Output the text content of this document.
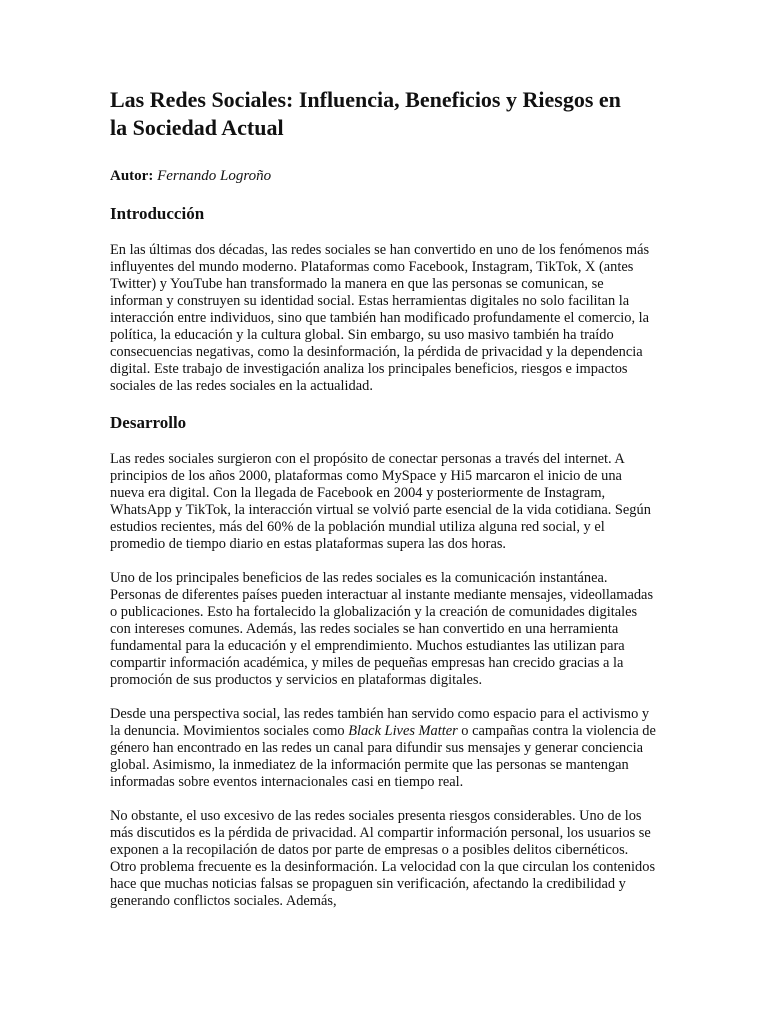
Las Redes Sociales: Influencia, Beneficios y Riesgos en
la Sociedad Actual
Autor: Fernando Logroño
Introducción

En las últimas dos décadas, las redes sociales se han convertido en uno de los fenómenos más influyentes del mundo moderno. Plataformas como Facebook, Instagram, TikTok, X (antes Twitter) y YouTube han transformado la manera en que las personas se comunican, se informan y construyen su identidad social. Estas herramientas digitales no solo facilitan la interacción entre individuos, sino que también han modificado profundamente el comercio, la política, la educación y la cultura global. Sin embargo, su uso masivo también ha traído consecuencias negativas, como la desinformación, la pérdida de privacidad y la dependencia digital. Este trabajo de investigación analiza los principales beneficios, riesgos e impactos sociales de las redes sociales en la actualidad.

Desarrollo

Las redes sociales surgieron con el propósito de conectar personas a través del internet. A principios de los años 2000, plataformas como MySpace y Hi5 marcaron el inicio de una nueva era digital. Con la llegada de Facebook en 2004 y posteriormente de Instagram, WhatsApp y TikTok, la interacción virtual se volvió parte esencial de la vida cotidiana. Según estudios recientes, más del 60% de la población mundial utiliza alguna red social, y el promedio de tiempo diario en estas plataformas supera las dos horas.

Uno de los principales beneficios de las redes sociales es la comunicación instantánea. Personas de diferentes países pueden interactuar al instante mediante mensajes, videollamadas o publicaciones. Esto ha fortalecido la globalización y la creación de comunidades digitales con intereses comunes. Además, las redes sociales se han convertido en una herramienta fundamental para la educación y el emprendimiento. Muchos estudiantes las utilizan para compartir información académica, y miles de pequeñas empresas han crecido gracias a la promoción de sus productos y servicios en plataformas digitales.

Desde una perspectiva social, las redes también han servido como espacio para el activismo y la denuncia. Movimientos sociales como Black Lives Matter o campañas contra la violencia de género han encontrado en las redes un canal para difundir sus mensajes y generar conciencia global. Asimismo, la inmediatez de la información permite que las personas se mantengan informadas sobre eventos internacionales casi en tiempo real.

No obstante, el uso excesivo de las redes sociales presenta riesgos considerables. Uno de los más discutidos es la pérdida de privacidad. Al compartir información personal, los usuarios se exponen a la recopilación de datos por parte de empresas o a posibles delitos cibernéticos. Otro problema frecuente es la desinformación. La velocidad con la que circulan los contenidos hace que muchas noticias falsas se propaguen sin verificación, afectando la credibilidad y generando conflictos sociales. Además,
